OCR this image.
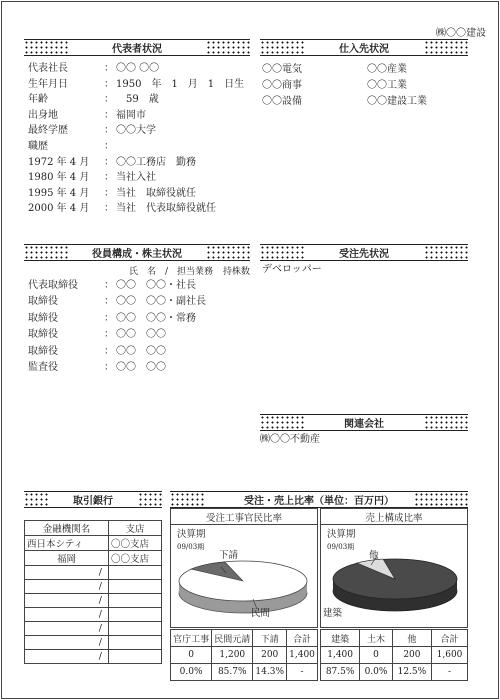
㈱〇〇建設
代表者状況
代表社長	： 〇〇 〇〇
生年月日	： 1950　年　1　月　1　日生
年齢	： 　59　歳
出身地	： 福岡市
最終学歴	： 〇〇大学
職歴	：
1972 年 4 月	： 〇〇工務店　勤務
1980 年 4 月	： 当社入社
1995 年 4 月	： 当社　取締役就任
2000 年 4 月	： 当社　代表取締役就任
仕入先状況
〇〇電気	〇〇産業
〇〇商事	〇〇工業
〇〇設備	〇〇建設工業
役員構成・株主状況
氏　名　/　担当業務 持株数
代表取締役	： 〇〇　〇〇・社長
取締役	： 〇〇　〇〇・副社長
取締役	： 〇〇　〇〇・常務
取締役	： 〇〇　〇〇
取締役	： 〇〇　〇〇
監査役	： 〇〇　〇〇
受注先状況
デベロッパー
関連会社
㈱〇〇不動産
取引銀行
金融機関名	支店
西日本シティ	〇〇支店
福岡	〇〇支店
/	
/	
/	
/	
/	
/	
/	
受注・売上比率（単位：百万円）
受注工事官民比率
決算期
09/03期
下請
民間
売上構成比率
決算期
09/03期
他
建築
官庁工事	民間元請	下請	合計
0	1,200	200	1,400
0.0%	85.7%	14.3%	-
建築	土木	他	合計
1,400	0	200	1,600
87.5%	0.0%	12.5%	-
